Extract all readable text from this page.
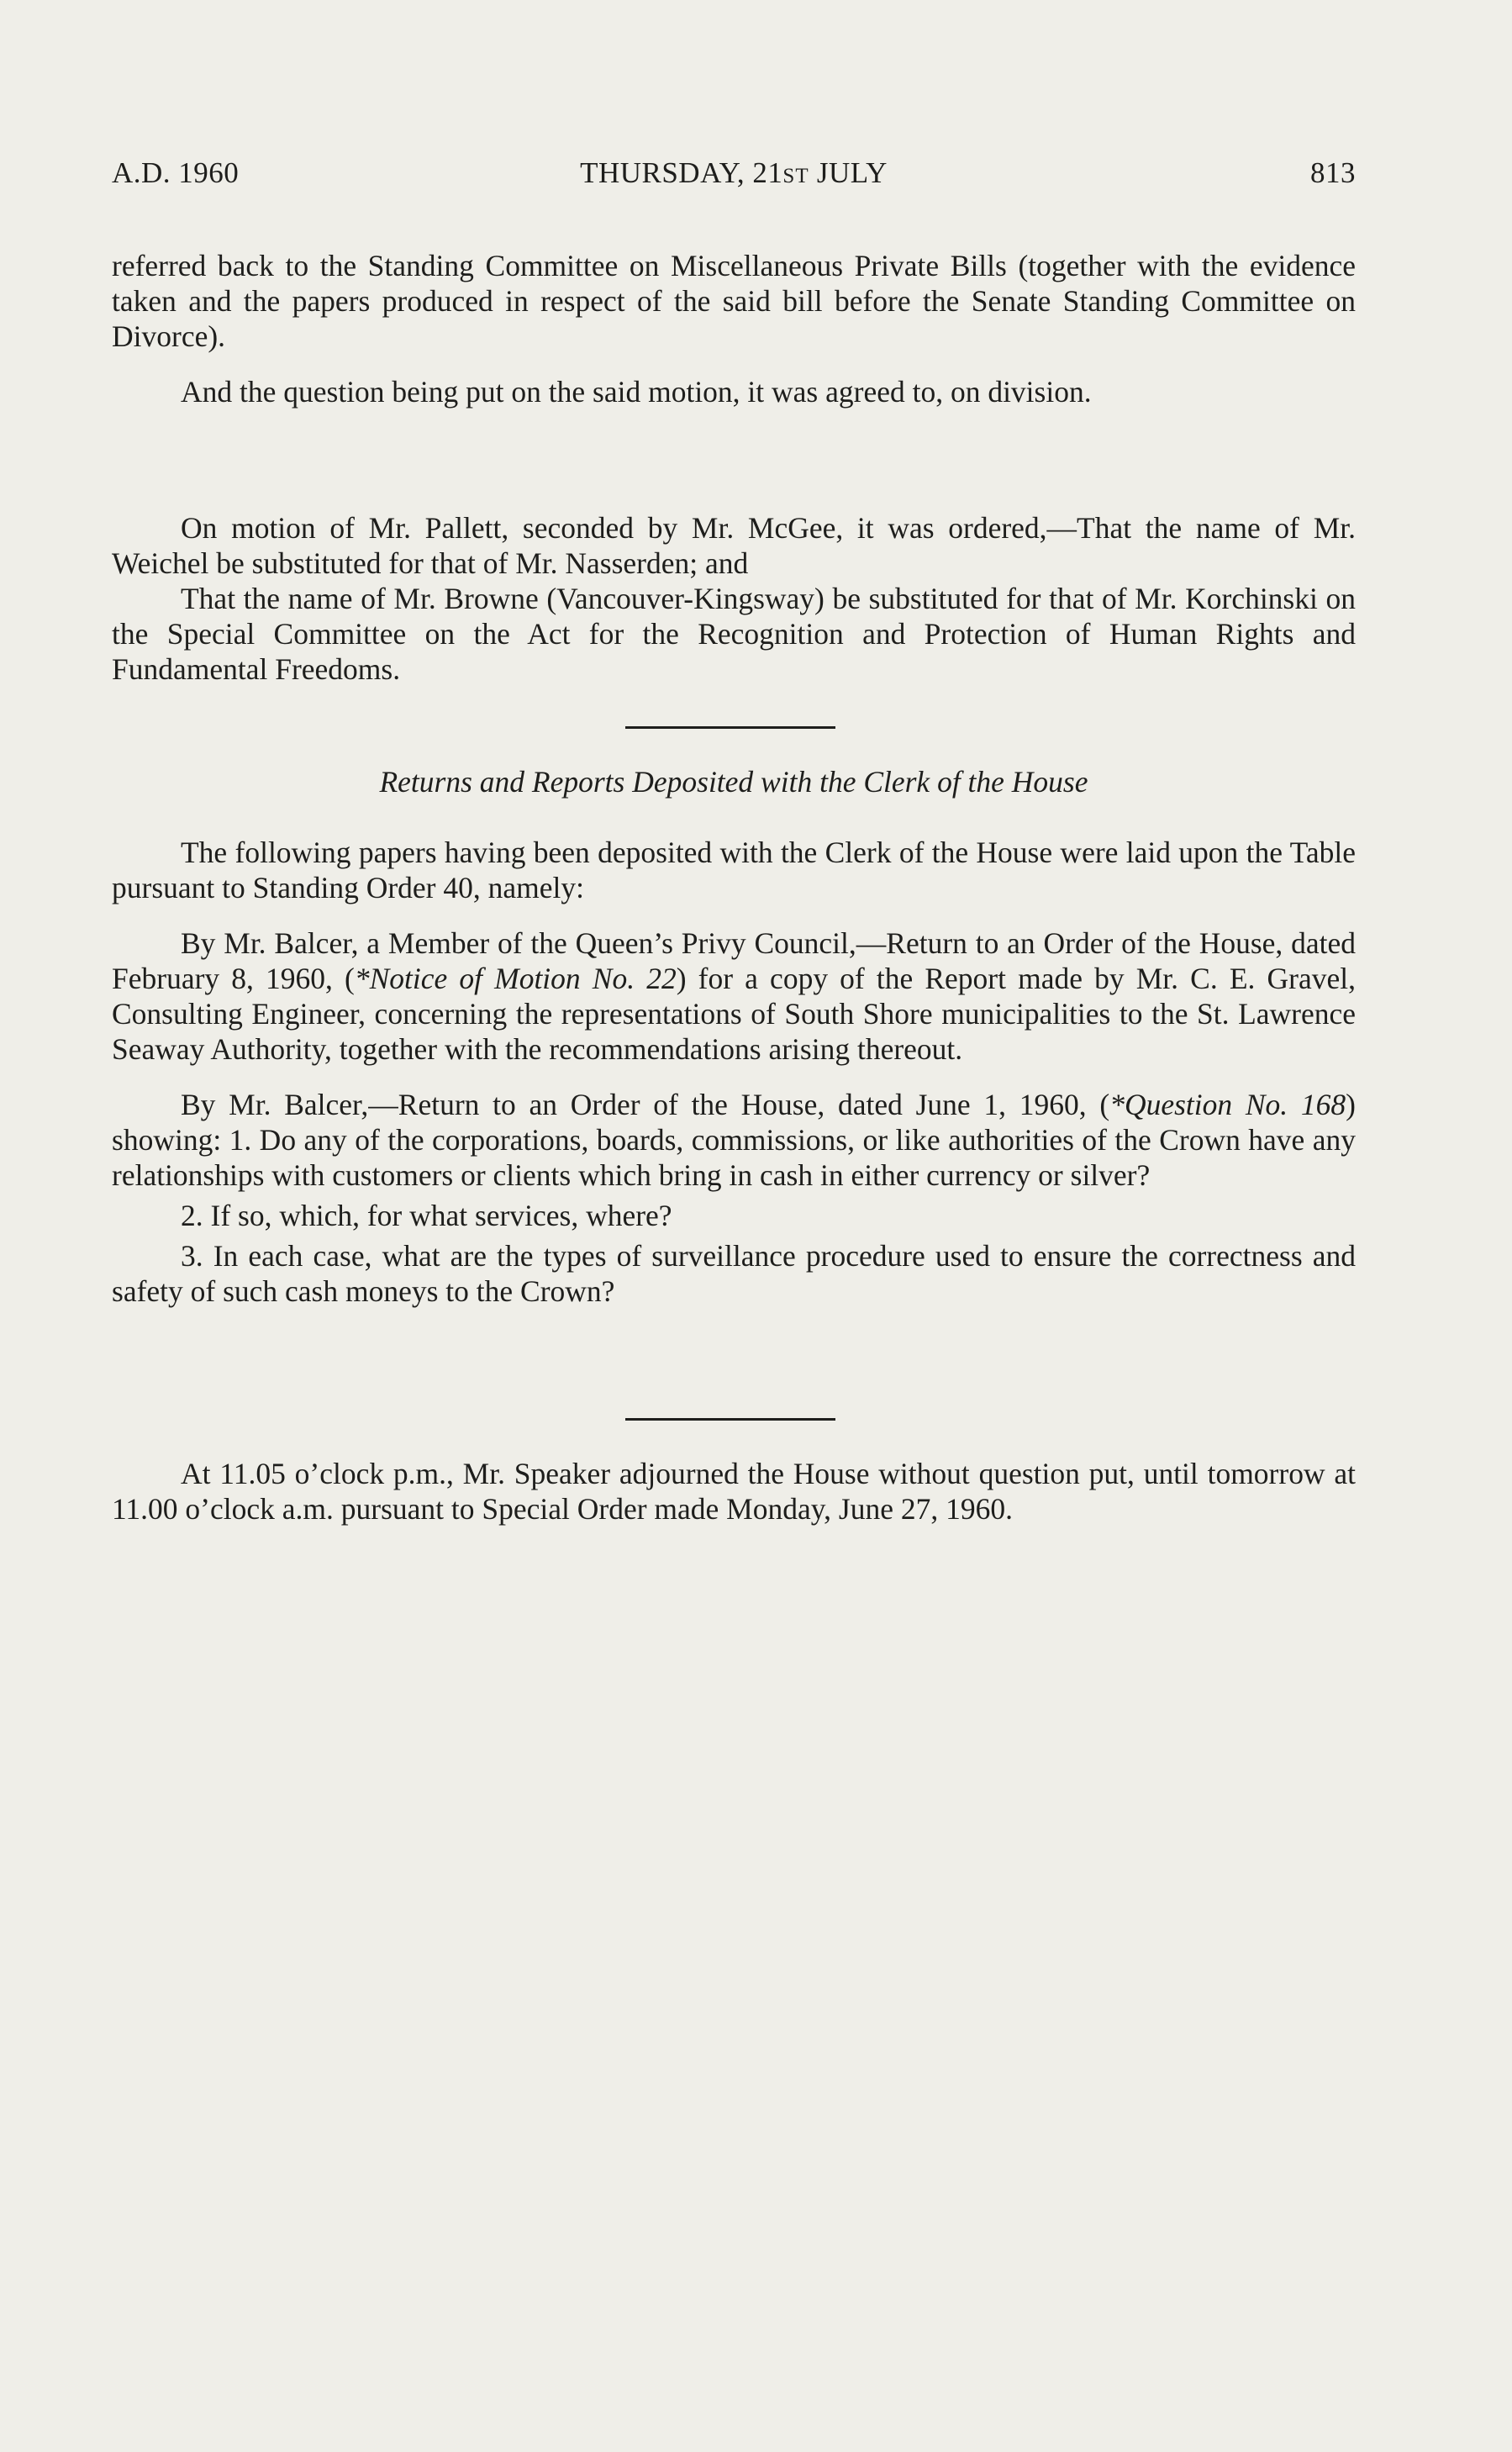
A.D. 1960	THURSDAY, 21ST JULY	813

referred back to the Standing Committee on Miscellaneous Private Bills (together with the evidence taken and the papers produced in respect of the said bill before the Senate Standing Committee on Divorce).

And the question being put on the said motion, it was agreed to, on division.

On motion of Mr. Pallett, seconded by Mr. McGee, it was ordered,—That the name of Mr. Weichel be substituted for that of Mr. Nasserden; and

That the name of Mr. Browne (Vancouver-Kingsway) be substituted for that of Mr. Korchinski on the Special Committee on the Act for the Recognition and Protection of Human Rights and Fundamental Freedoms.

Returns and Reports Deposited with the Clerk of the House

The following papers having been deposited with the Clerk of the House were laid upon the Table pursuant to Standing Order 40, namely:

By Mr. Balcer, a Member of the Queen’s Privy Council,—Return to an Order of the House, dated February 8, 1960, (*Notice of Motion No. 22) for a copy of the Report made by Mr. C. E. Gravel, Consulting Engineer, concerning the representations of South Shore municipalities to the St. Lawrence Seaway Authority, together with the recommendations arising thereout.

By Mr. Balcer,—Return to an Order of the House, dated June 1, 1960, (*Question No. 168) showing: 1. Do any of the corporations, boards, commissions, or like authorities of the Crown have any relationships with customers or clients which bring in cash in either currency or silver?

2. If so, which, for what services, where?

3. In each case, what are the types of surveillance procedure used to ensure the correctness and safety of such cash moneys to the Crown?

At 11.05 o’clock p.m., Mr. Speaker adjourned the House without question put, until tomorrow at 11.00 o’clock a.m. pursuant to Special Order made Monday, June 27, 1960.
